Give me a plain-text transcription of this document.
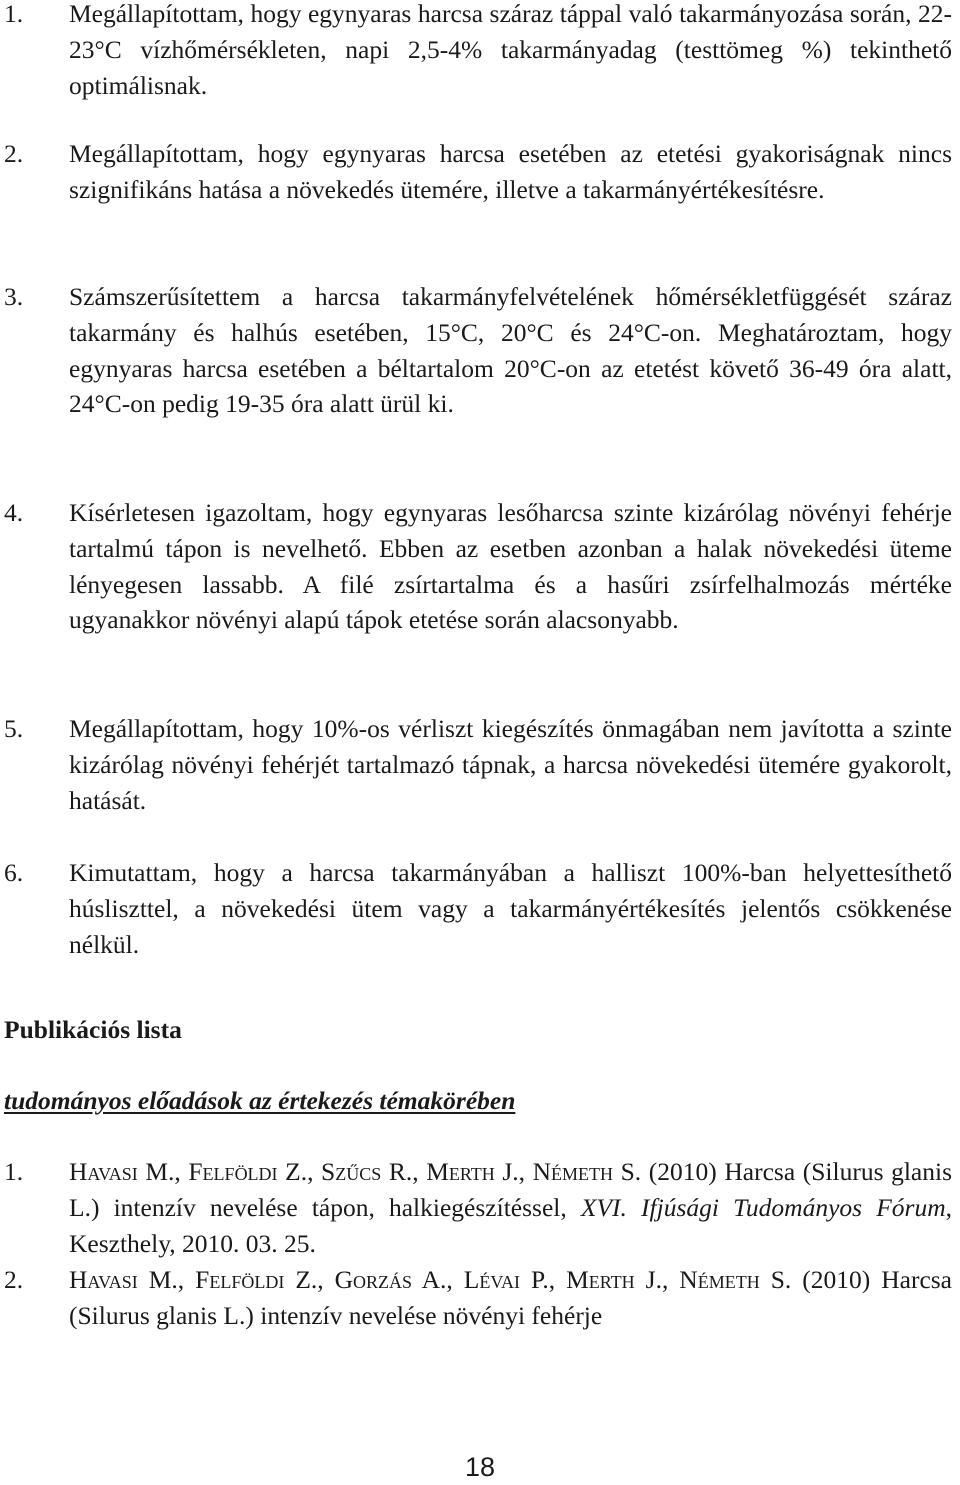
1. Megállapítottam, hogy egynyaras harcsa száraz táppal való takarmányozása során, 22-23°C vízhőmérsékleten, napi 2,5-4% takarmányadag (testtömeg %) tekinthető optimálisnak.
2. Megállapítottam, hogy egynyaras harcsa esetében az etetési gyakoriságnak nincs szignifikáns hatása a növekedés ütemére, illetve a takarmányértékesítésre.
3. Számszerűsítettem a harcsa takarmányfelvételének hőmérsékletfüggését száraz takarmány és halhús esetében, 15°C, 20°C és 24°C-on. Meghatároztam, hogy egynyaras harcsa esetében a béltartalom 20°C-on az etetést követő 36-49 óra alatt, 24°C-on pedig 19-35 óra alatt ürül ki.
4. Kísérletesen igazoltam, hogy egynyaras lesőharcsa szinte kizárólag növényi fehérje tartalmú tápon is nevelhető. Ebben az esetben azonban a halak növekedési üteme lényegesen lassabb. A filé zsírtartalma és a hasűri zsírfelhalmozás mértéke ugyanakkor növényi alapú tápok etetése során alacsonyabb.
5. Megállapítottam, hogy 10%-os vérliszt kiegészítés önmagában nem javította a szinte kizárólag növényi fehérjét tartalmazó tápnak, a harcsa növekedési ütemére gyakorolt, hatását.
6. Kimutattam, hogy a harcsa takarmányában a halliszt 100%-ban helyettesíthető húsliszttel, a növekedési ütem vagy a takarmányértékesítés jelentős csökkenése nélkül.
Publikációs lista
tudományos előadások az értekezés témakörében
1. Havasi M., Felföldi Z., Szűcs R., Merth J., Németh S. (2010) Harcsa (Silurus glanis L.) intenzív nevelése tápon, halkiegészítéssel, XVI. Ifjúsági Tudományos Fórum, Keszthely, 2010. 03. 25.
2. Havasi M., Felföldi Z., Gorzás A., Lévai P., Merth J., Németh S. (2010) Harcsa (Silurus glanis L.) intenzív nevelése növényi fehérje
18
